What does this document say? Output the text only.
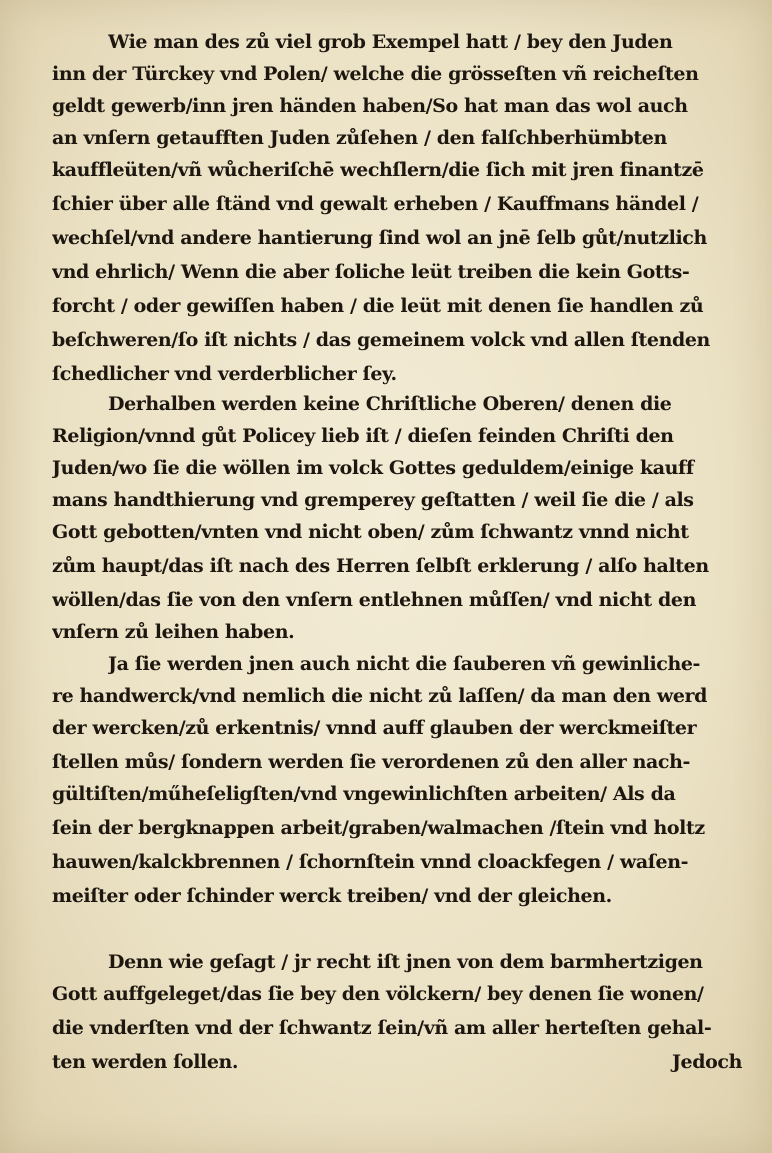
Wie man des zů viel grob Exempel hatt / bey den Juden
inn der Türckey vnd Polen/ welche die grösseſten vñ reicheſten
geldt gewerb/inn jren händen haben/So hat man das wol auch
an vnſern getaufften Juden zůſehen / den falſchberhümbten
kauffleüten/vñ wůcheriſchē wechſlern/die ſich mit jren finantzē
ſchier über alle ſtänd vnd gewalt erheben / Kauffmans händel /
wechſel/vnd andere hantierung ſind wol an jnē ſelb gůt/nutzlich
vnd ehrlich/ Wenn die aber ſoliche leüt treiben die kein Gotts-
forcht / oder gewiſſen haben / die leüt mit denen ſie handlen zů
beſchweren/ſo iſt nichts / das gemeinem volck vnd allen ſtenden
ſchedlicher vnd verderblicher ſey.
Derhalben werden keine Chriſtliche Oberen/ denen die
Religion/vnnd gůt Policey lieb iſt / dieſen feinden Chriſti den
Juden/wo ſie die wöllen im volck Gottes geduldem/einige kauff
mans handthierung vnd gremperey geſtatten / weil ſie die / als
Gott gebotten/vnten vnd nicht oben/ zům ſchwantz vnnd nicht
zům haupt/das iſt nach des Herren ſelbſt erklerung / alſo halten
wöllen/das ſie von den vnſern entlehnen můſſen/ vnd nicht den
vnſern zů leihen haben.
Ja ſie werden jnen auch nicht die ſauberen vñ gewinliche-
re handwerck/vnd nemlich die nicht zů laſſen/ da man den werd
der wercken/zů erkentnis/ vnnd auff glauben der werckmeiſter
ſtellen můs/ ſondern werden ſie verordenen zů den aller nach-
gültiſten/műheſeligſten/vnd vngewinlichſten arbeiten/ Als da
ſein der bergknappen arbeit/graben/walmachen /ſtein vnd holtz
hauwen/kalckbrennen / ſchornſtein vnnd cloackfegen / waſen-
meiſter oder ſchinder werck treiben/ vnd der gleichen.
Denn wie geſagt / jr recht iſt jnen von dem barmhertzigen
Gott auffgeleget/das ſie bey den völckern/ bey denen ſie wonen/
die vnderſten vnd der ſchwantz ſein/vñ am aller herteſten gehal-
ten werden ſollen.	Jedoch
